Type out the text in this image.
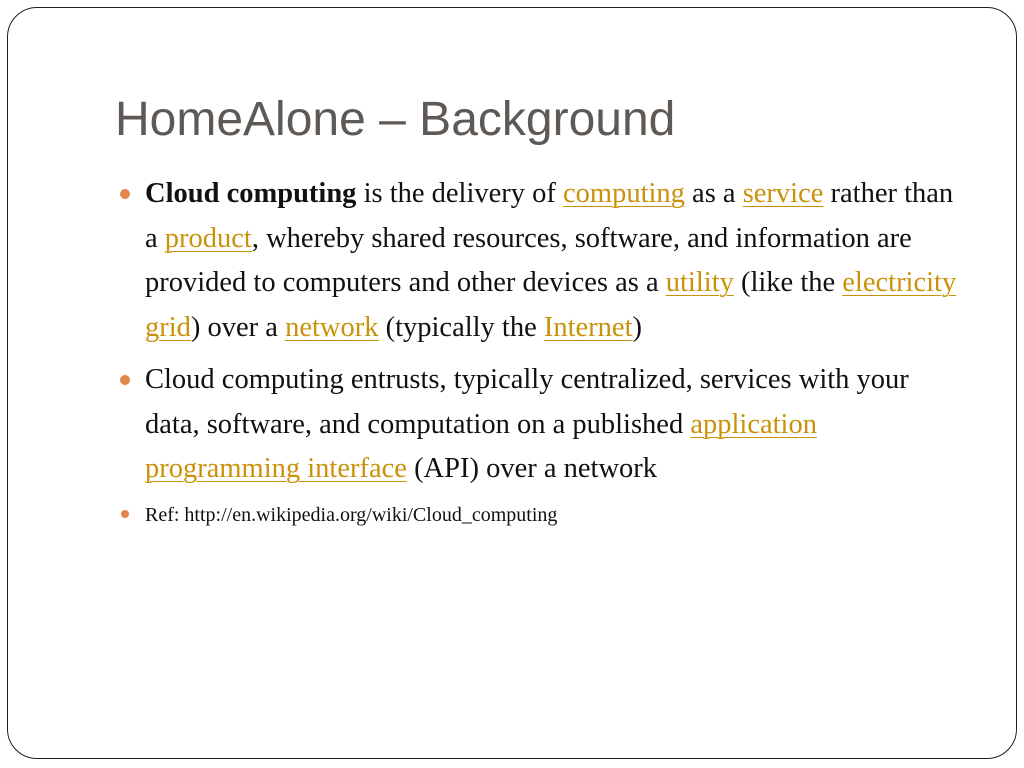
HomeAlone – Background
Cloud computing is the delivery of computing as a service rather than a product, whereby shared resources, software, and information are provided to computers and other devices as a utility (like the electricity grid) over a network (typically the Internet)
Cloud computing entrusts, typically centralized, services with your data, software, and computation on a published application programming interface (API) over a network
Ref: http://en.wikipedia.org/wiki/Cloud_computing
